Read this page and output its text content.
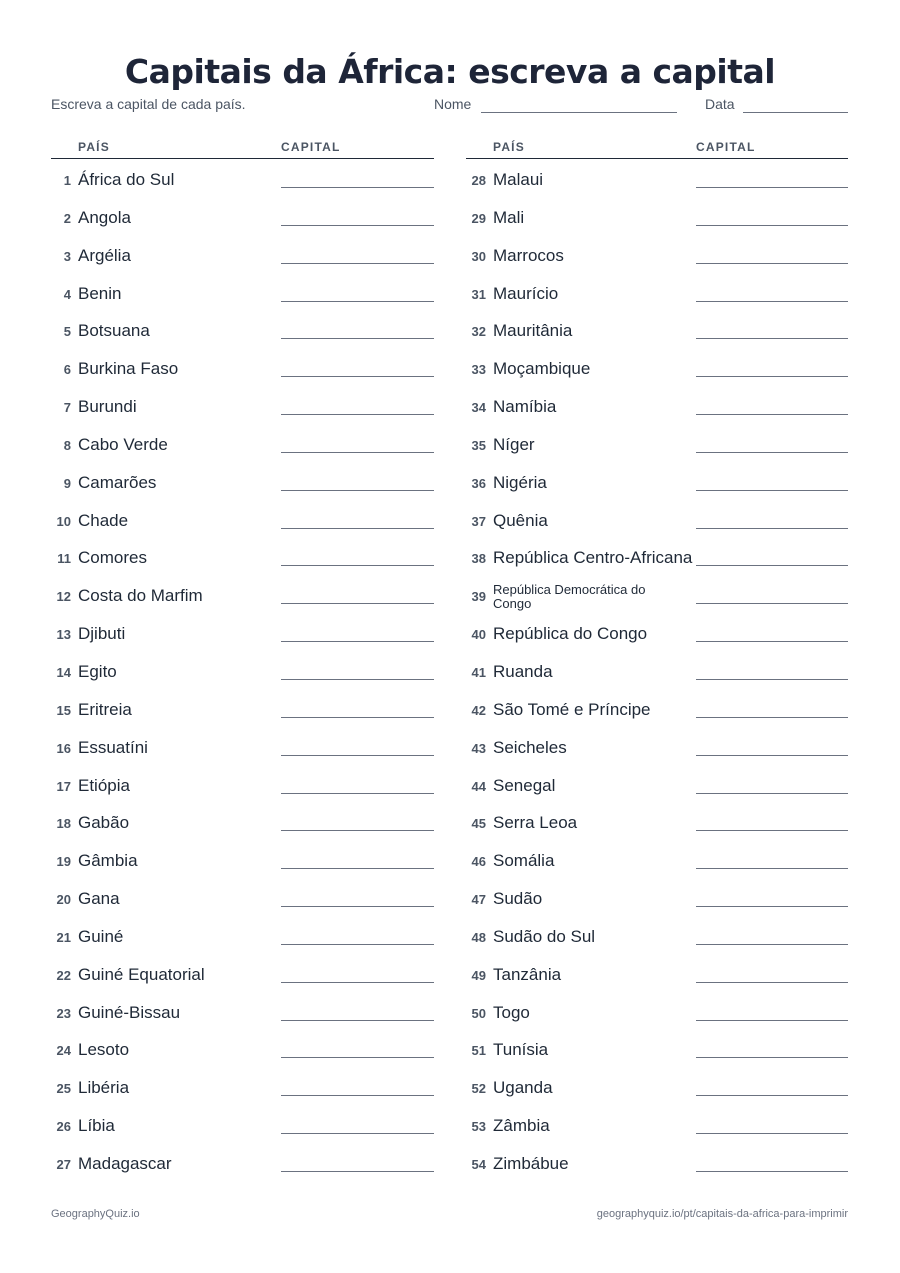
Capitais da África: escreva a capital
Escreva a capital de cada país.	Nome	Data
PAÍS	CAPITAL
1 África do Sul
2 Angola
3 Argélia
4 Benin
5 Botsuana
6 Burkina Faso
7 Burundi
8 Cabo Verde
9 Camarões
10 Chade
11 Comores
12 Costa do Marfim
13 Djibuti
14 Egito
15 Eritreia
16 Essuatíni
17 Etiópia
18 Gabão
19 Gâmbia
20 Gana
21 Guiné
22 Guiné Equatorial
23 Guiné-Bissau
24 Lesoto
25 Libéria
26 Líbia
27 Madagascar
PAÍS	CAPITAL
28 Malaui
29 Mali
30 Marrocos
31 Maurício
32 Mauritânia
33 Moçambique
34 Namíbia
35 Níger
36 Nigéria
37 Quênia
38 República Centro-Africana
39 República Democrática do Congo
40 República do Congo
41 Ruanda
42 São Tomé e Príncipe
43 Seicheles
44 Senegal
45 Serra Leoa
46 Somália
47 Sudão
48 Sudão do Sul
49 Tanzânia
50 Togo
51 Tunísia
52 Uganda
53 Zâmbia
54 Zimbábue
GeographyQuiz.io	geographyquiz.io/pt/capitais-da-africa-para-imprimir
